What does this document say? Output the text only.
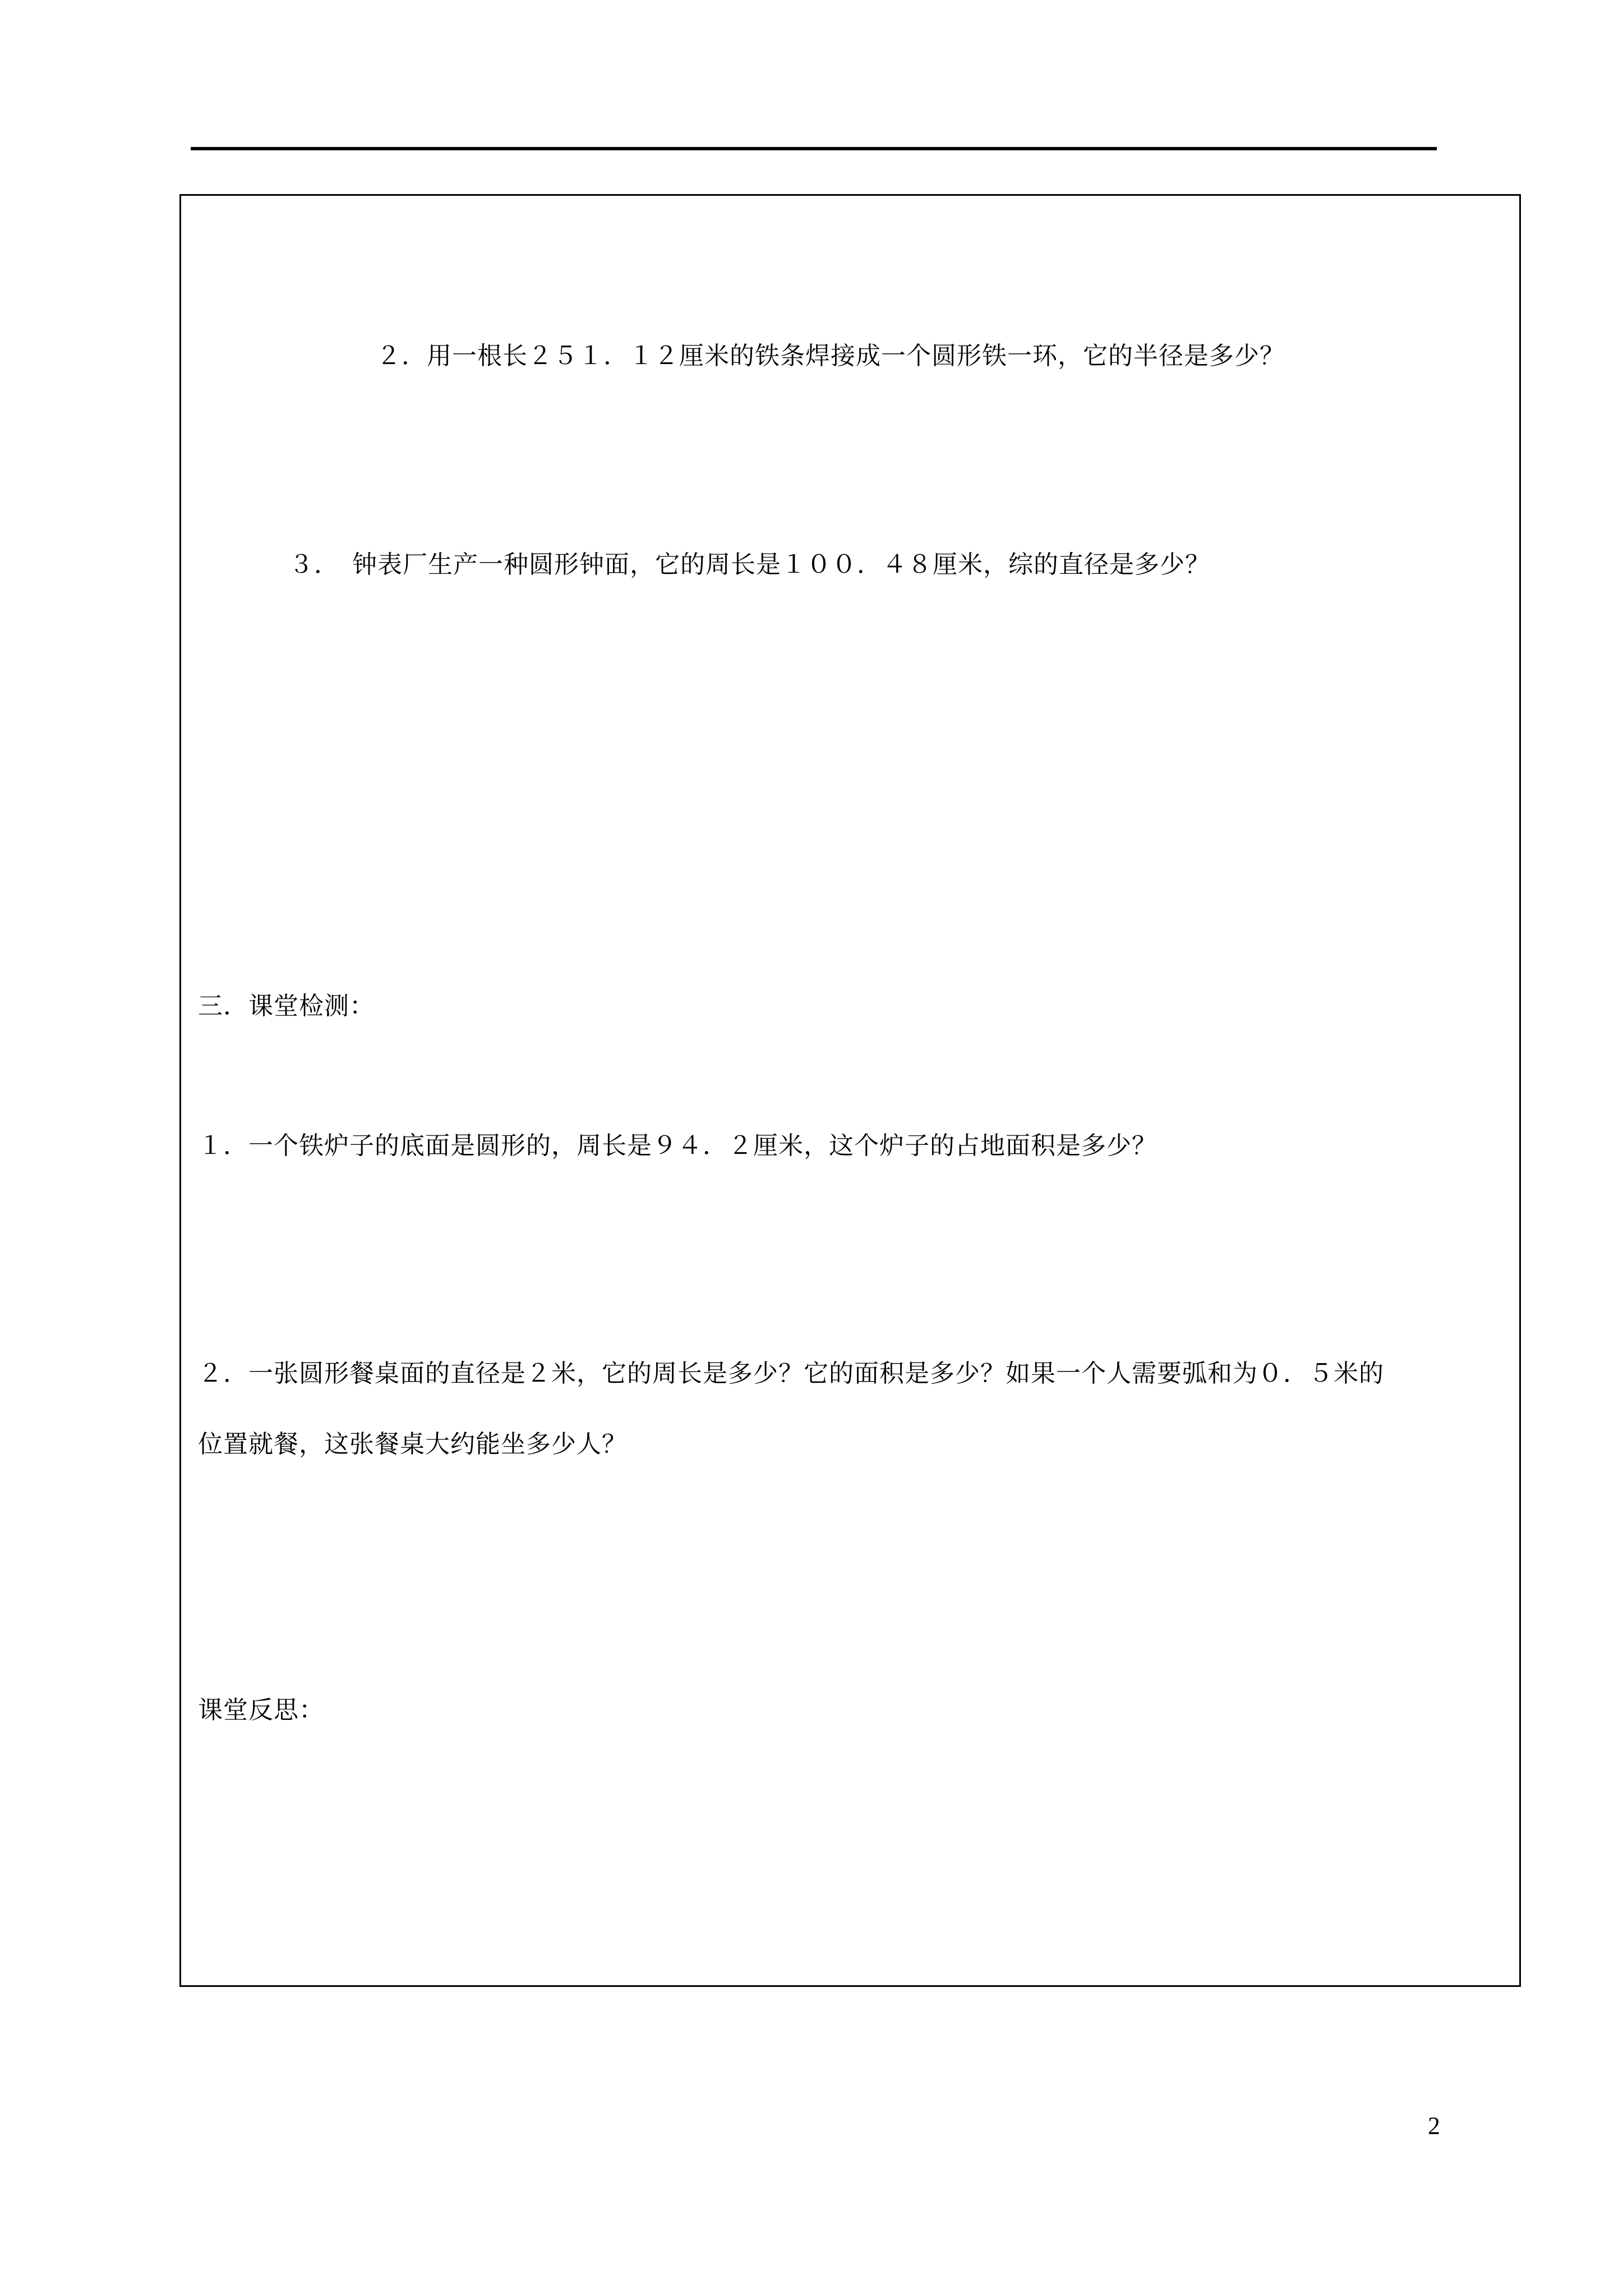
２．用一根长２５１．１２厘米的铁条焊接成一个圆形铁一环，它的半径是多少？
３．　钟表厂生产一种圆形钟面，它的周长是１００．４８厘米，综的直径是多少？
三．课堂检测：
１．一个铁炉子的底面是圆形的，周长是９４．２厘米，这个炉子的占地面积是多少？
２．一张圆形餐桌面的直径是２米，它的周长是多少？它的面积是多少？如果一个人需要弧和为０．５米的
位置就餐，这张餐桌大约能坐多少人？
课堂反思：
2
